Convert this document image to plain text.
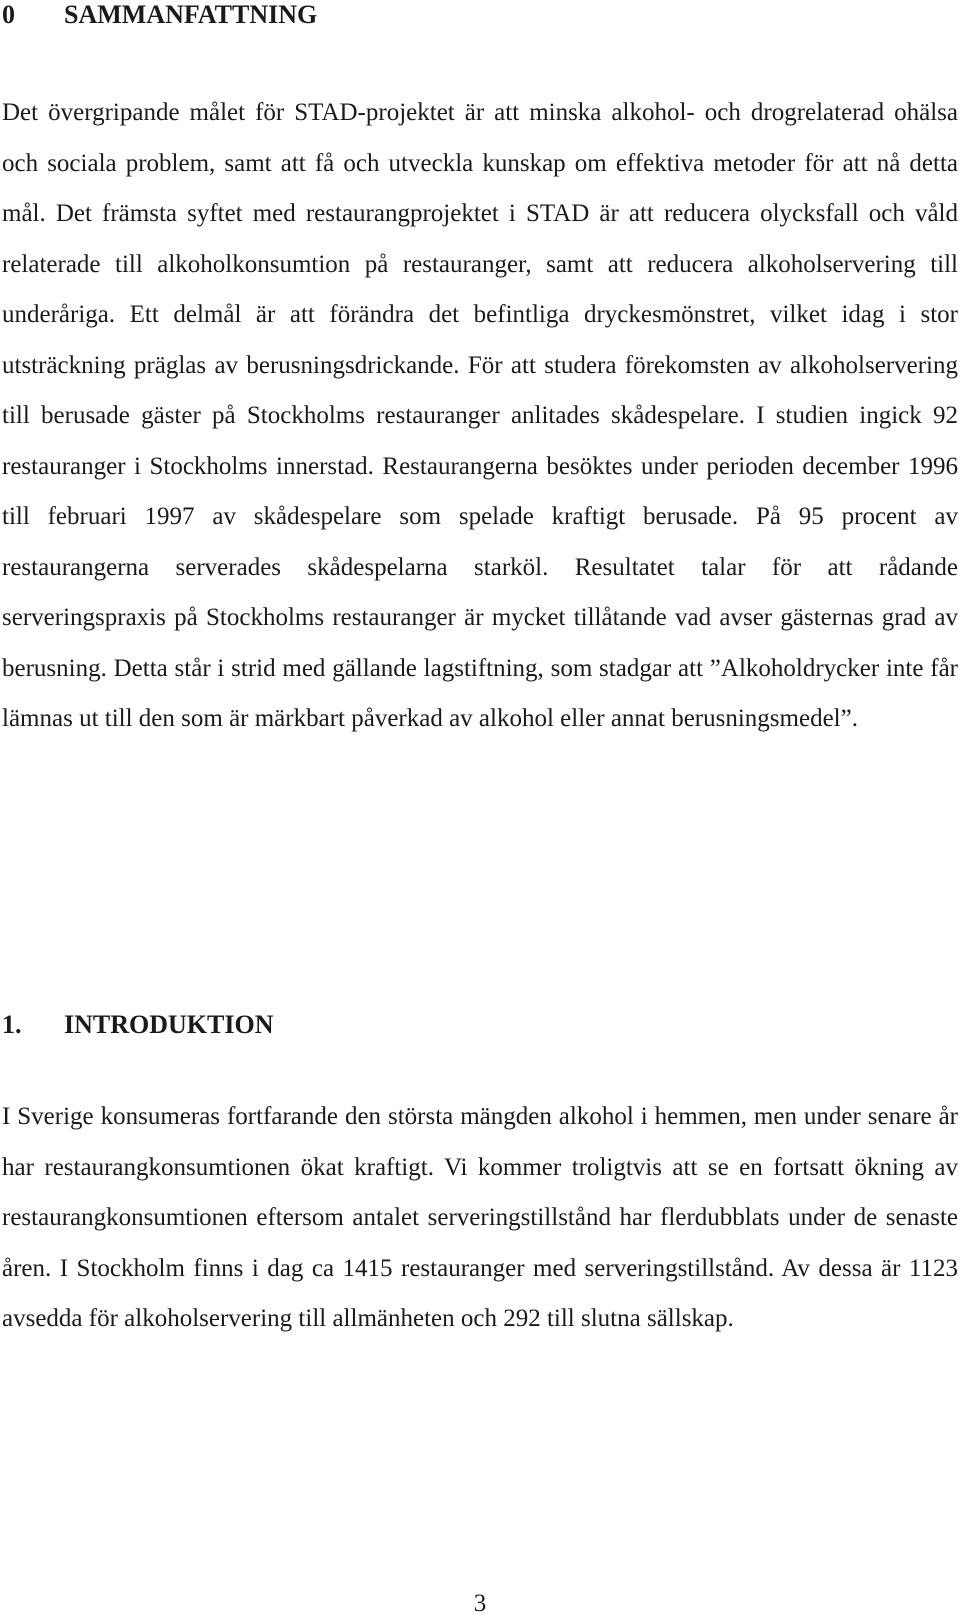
0 SAMMANFATTNING

Det övergripande målet för STAD-projektet är att minska alkohol- och drogrelaterad ohälsa och sociala problem, samt att få och utveckla kunskap om effektiva metoder för att nå detta mål. Det främsta syftet med restaurangprojektet i STAD är att reducera olycksfall och våld relaterade till alkoholkonsumtion på restauranger, samt att reducera alkoholservering till underåriga. Ett delmål är att förändra det befintliga dryckesmönstret, vilket idag i stor utsträckning präglas av berusningsdrickande. För att studera förekomsten av alkoholservering till berusade gäster på Stockholms restauranger anlitades skådespelare. I studien ingick 92 restauranger i Stockholms innerstad. Restaurangerna besöktes under perioden december 1996 till februari 1997 av skådespelare som spelade kraftigt berusade. På 95 procent av restaurangerna serverades skådespelarna starköl. Resultatet talar för att rådande serveringspraxis på Stockholms restauranger är mycket tillåtande vad avser gästernas grad av berusning. Detta står i strid med gällande lagstiftning, som stadgar att ”Alkoholdrycker inte får lämnas ut till den som är märkbart påverkad av alkohol eller annat berusningsmedel”.

1. INTRODUKTION

I Sverige konsumeras fortfarande den största mängden alkohol i hemmen, men under senare år har restaurangkonsumtionen ökat kraftigt. Vi kommer troligtvis att se en fortsatt ökning av restaurangkonsumtionen eftersom antalet serveringstillstånd har flerdubblats under de senaste åren. I Stockholm finns i dag ca 1415 restauranger med serveringstillstånd. Av dessa är 1123 avsedda för alkoholservering till allmänheten och 292 till slutna sällskap.

3
